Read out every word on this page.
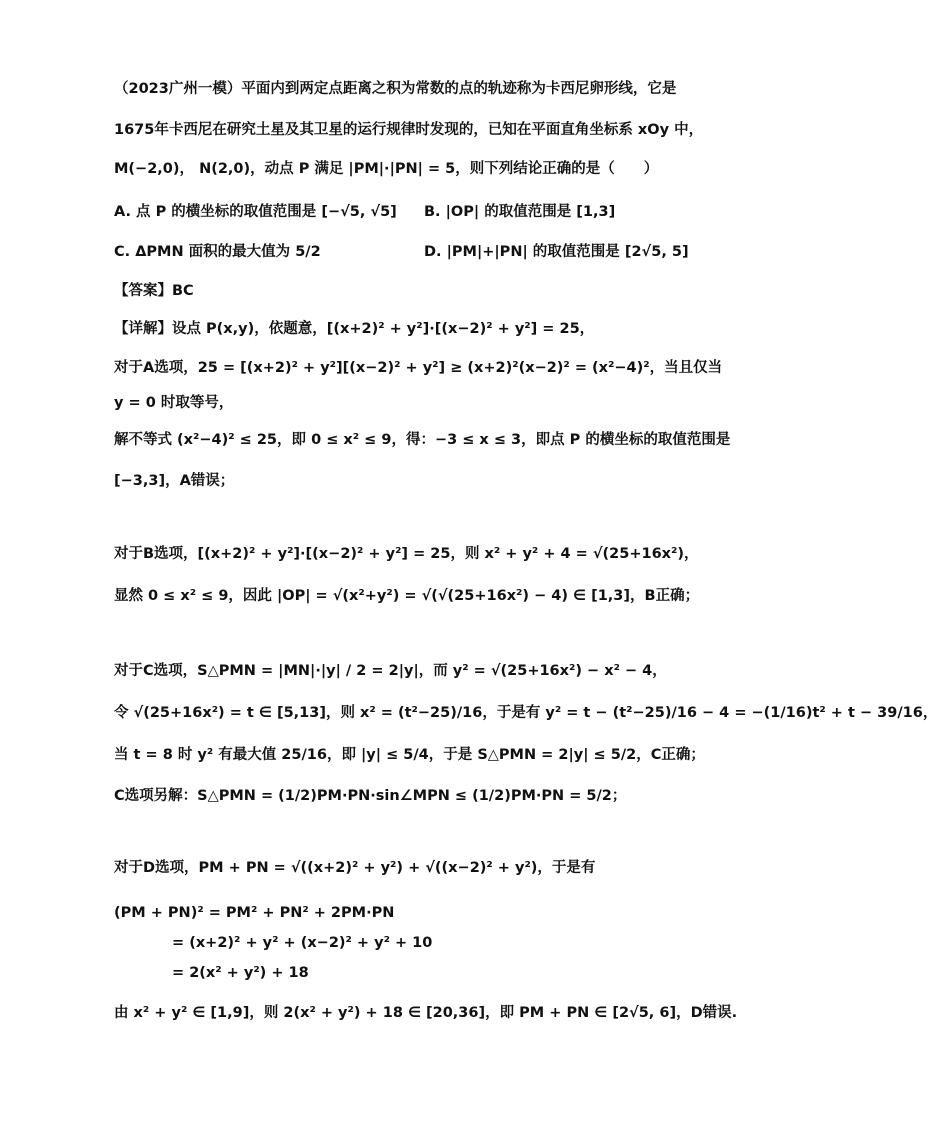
（2023广州一模）平面内到两定点距离之积为常数的点的轨迹称为卡西尼卵形线，它是
1675年卡西尼在研究土星及其卫星的运行规律时发现的，已知在平面直角坐标系 xOy 中，
M(−2,0)， N(2,0)，动点 P 满足 |PM|·|PN| = 5，则下列结论正确的是（　　）
A. 点 P 的横坐标的取值范围是 [−√5, √5] B. |OP| 的取值范围是 [1,3]
C. ΔPMN 面积的最大值为 5/2	D. |PM|+|PN| 的取值范围是 [2√5, 5]
【答案】BC
【详解】设点 P(x,y)，依题意，[(x+2)² + y²]·[(x−2)² + y²] = 25，
对于A选项，25 = [(x+2)² + y²][(x−2)² + y²] ≥ (x+2)²(x−2)² = (x²−4)²，当且仅当
y = 0 时取等号，
解不等式 (x²−4)² ≤ 25，即 0 ≤ x² ≤ 9，得：−3 ≤ x ≤ 3，即点 P 的横坐标的取值范围是
[−3,3]，A错误；
对于B选项，[(x+2)² + y²]·[(x−2)² + y²] = 25，则 x² + y² + 4 = √(25+16x²)，
显然 0 ≤ x² ≤ 9，因此 |OP| = √(x²+y²) = √(√(25+16x²) − 4) ∈ [1,3]，B正确；
对于C选项，S△PMN = |MN|·|y| / 2 = 2|y|，而 y² = √(25+16x²) − x² − 4，
令 √(25+16x²) = t ∈ [5,13]，则 x² = (t²−25)/16，于是有 y² = t − (t²−25)/16 − 4 = −(1/16)t² + t − 39/16，
当 t = 8 时 y² 有最大值 25/16，即 |y| ≤ 5/4，于是 S△PMN = 2|y| ≤ 5/2，C正确；
C选项另解：S△PMN = (1/2)PM·PN·sin∠MPN ≤ (1/2)PM·PN = 5/2；
对于D选项，PM + PN = √((x+2)² + y²) + √((x−2)² + y²)，于是有
(PM + PN)² = PM² + PN² + 2PM·PN
= (x+2)² + y² + (x−2)² + y² + 10
= 2(x² + y²) + 18
由 x² + y² ∈ [1,9]，则 2(x² + y²) + 18 ∈ [20,36]，即 PM + PN ∈ [2√5, 6]，D错误.
